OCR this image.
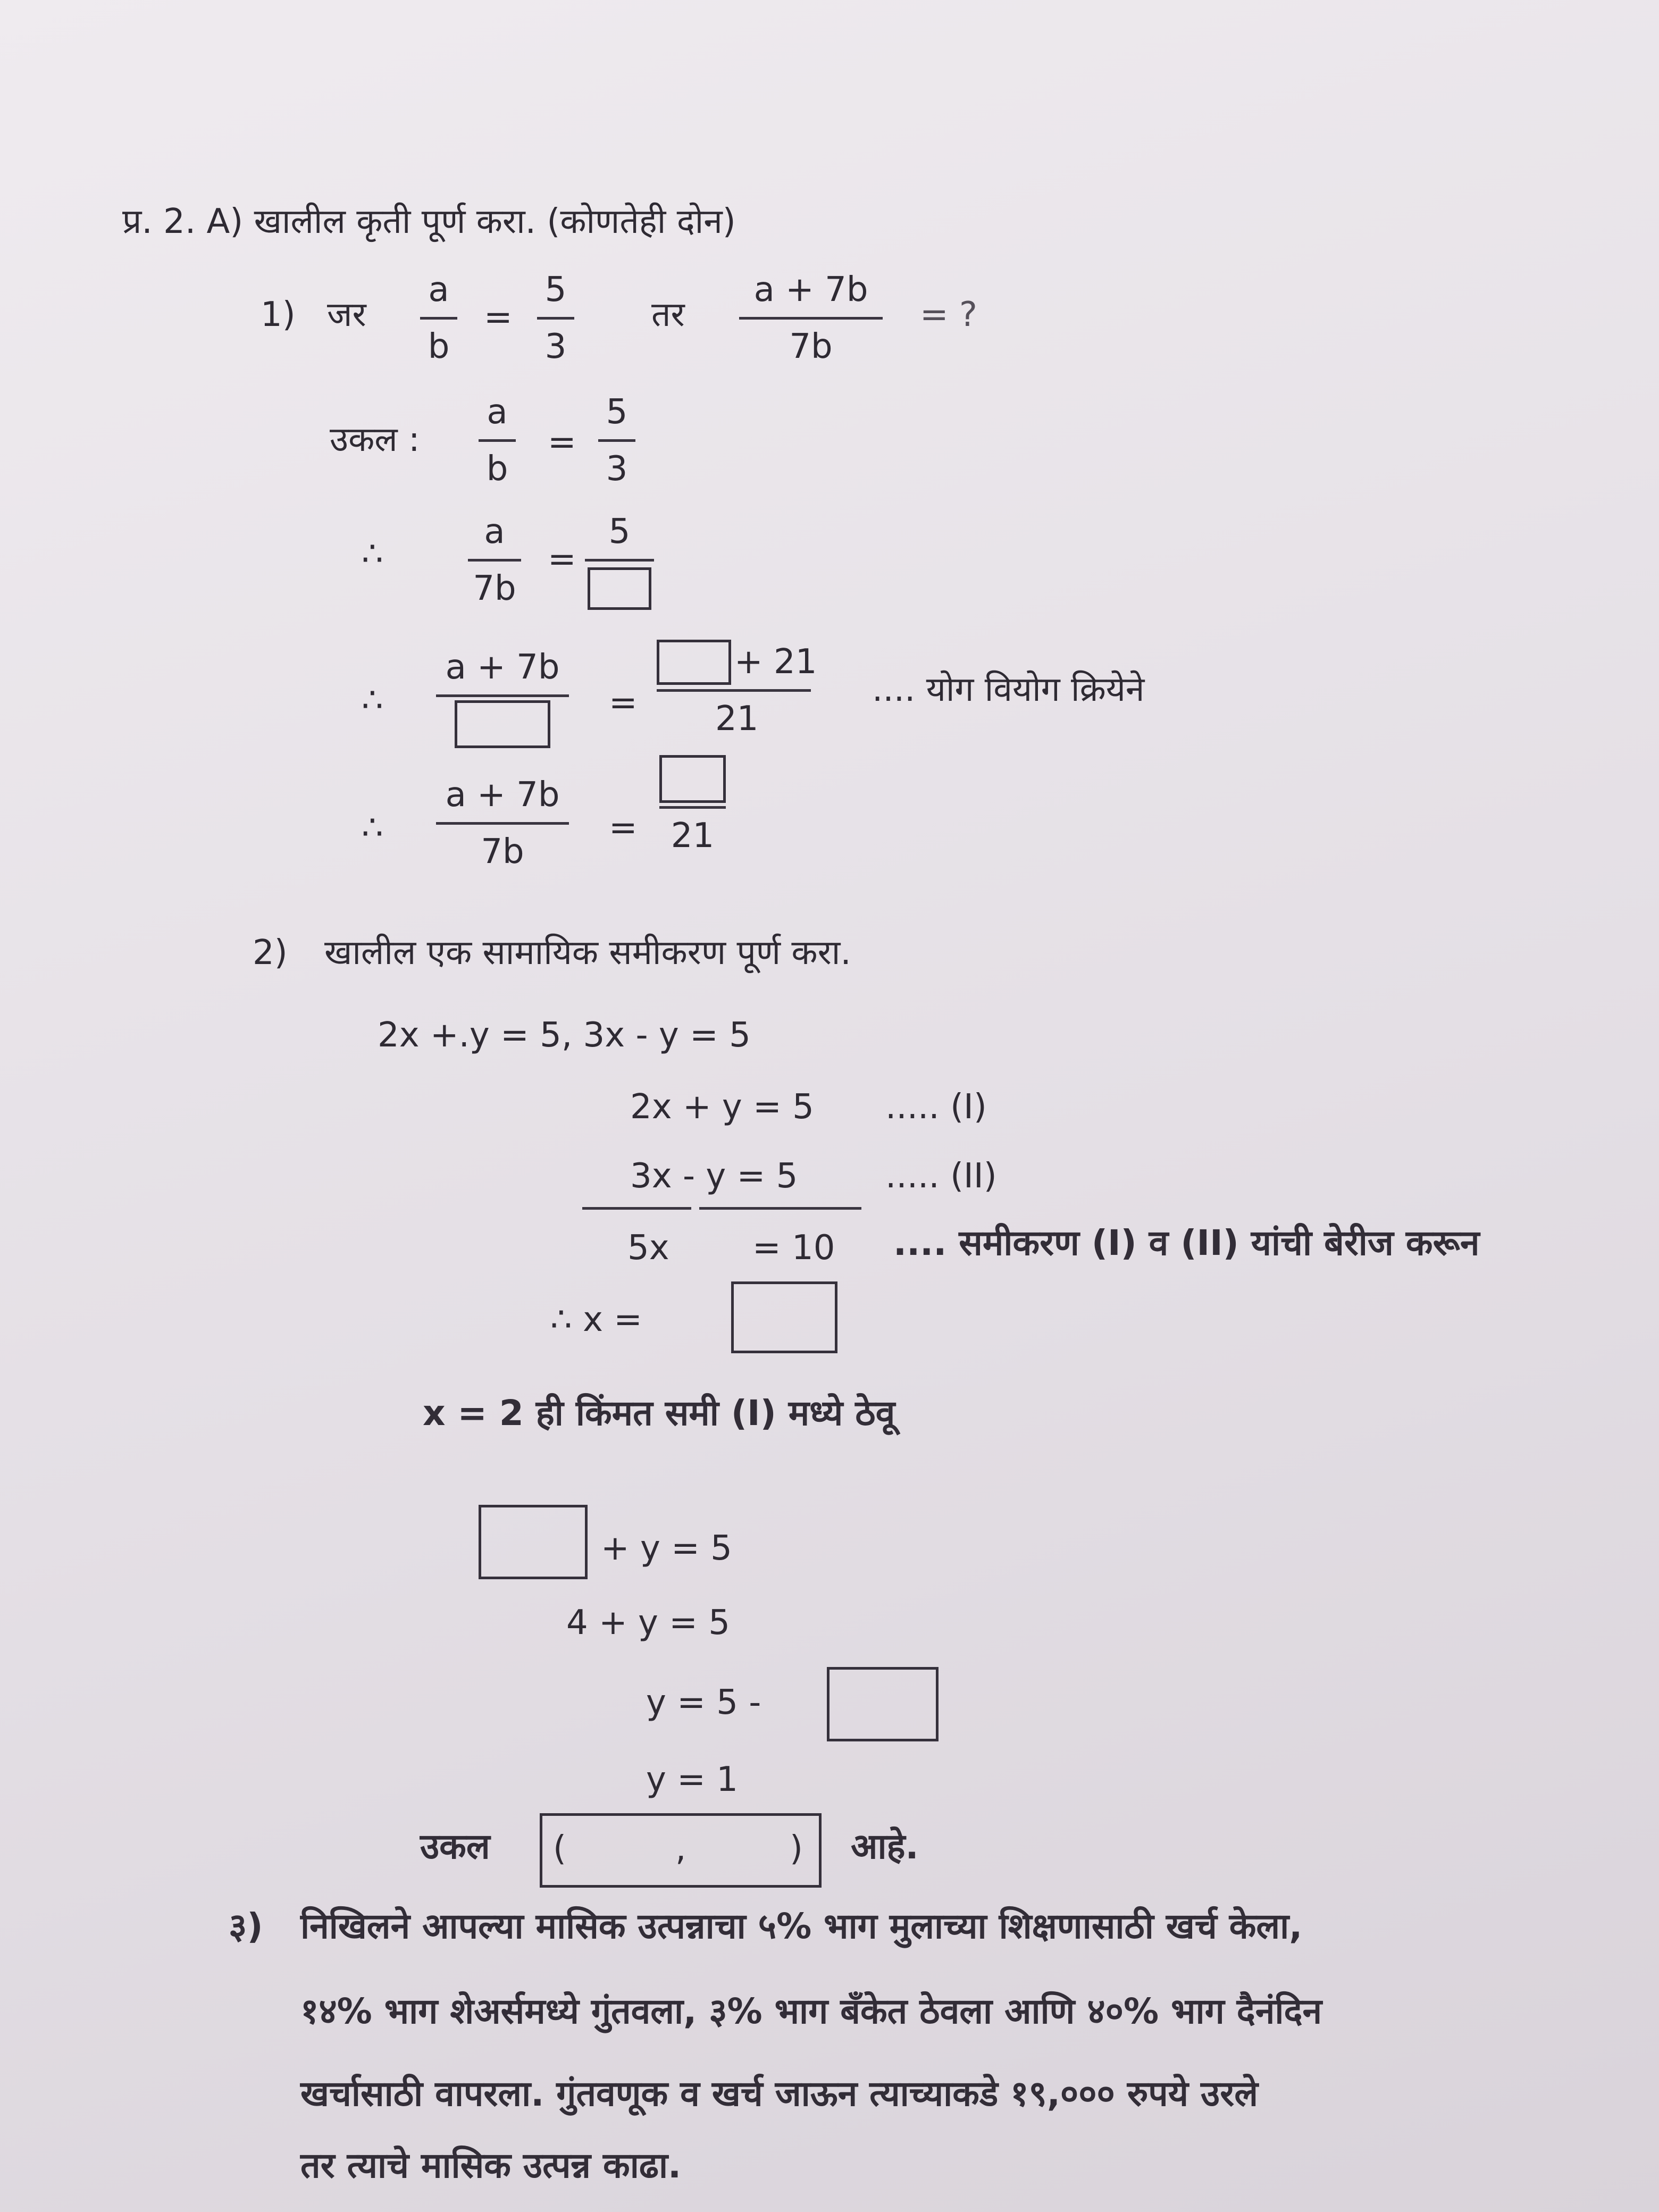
प्र. 2. A) खालील कृती पूर्ण करा. (कोणतेही दोन)
1) जर
a
b
=
5
3
तर
a + 7b
7b
= ?
उकल :
a
b
=
5
3
∴
a
7b
=
5
∴
a + 7b
=
+ 21
21
.... योग वियोग क्रियेने
∴
a + 7b
7b
= 21
2) खालील एक सामायिक समीकरण पूर्ण करा.
2x +.y = 5, 3x - y = 5
2x + y = 5 ..... (I)
3x - y = 5	..... (II)
5x = 10 .... समीकरण (I) व (II) यांची बेरीज करून
∴ x =
x = 2 ही किंमत समी (I) मध्ये ठेवू
+ y = 5
4 + y = 5
y = 5 -
y = 1
उकल (	,	) आहे.
३) निखिलने आपल्या मासिक उत्पन्नाचा ५% भाग मुलाच्या शिक्षणासाठी खर्च केला,
१४% भाग शेअर्समध्ये गुंतवला, ३% भाग बँकेत ठेवला आणि ४०% भाग दैनंदिन
खर्चासाठी वापरला. गुंतवणूक व खर्च जाऊन त्याच्याकडे १९,००० रुपये उरले
तर त्याचे मासिक उत्पन्न काढा.
